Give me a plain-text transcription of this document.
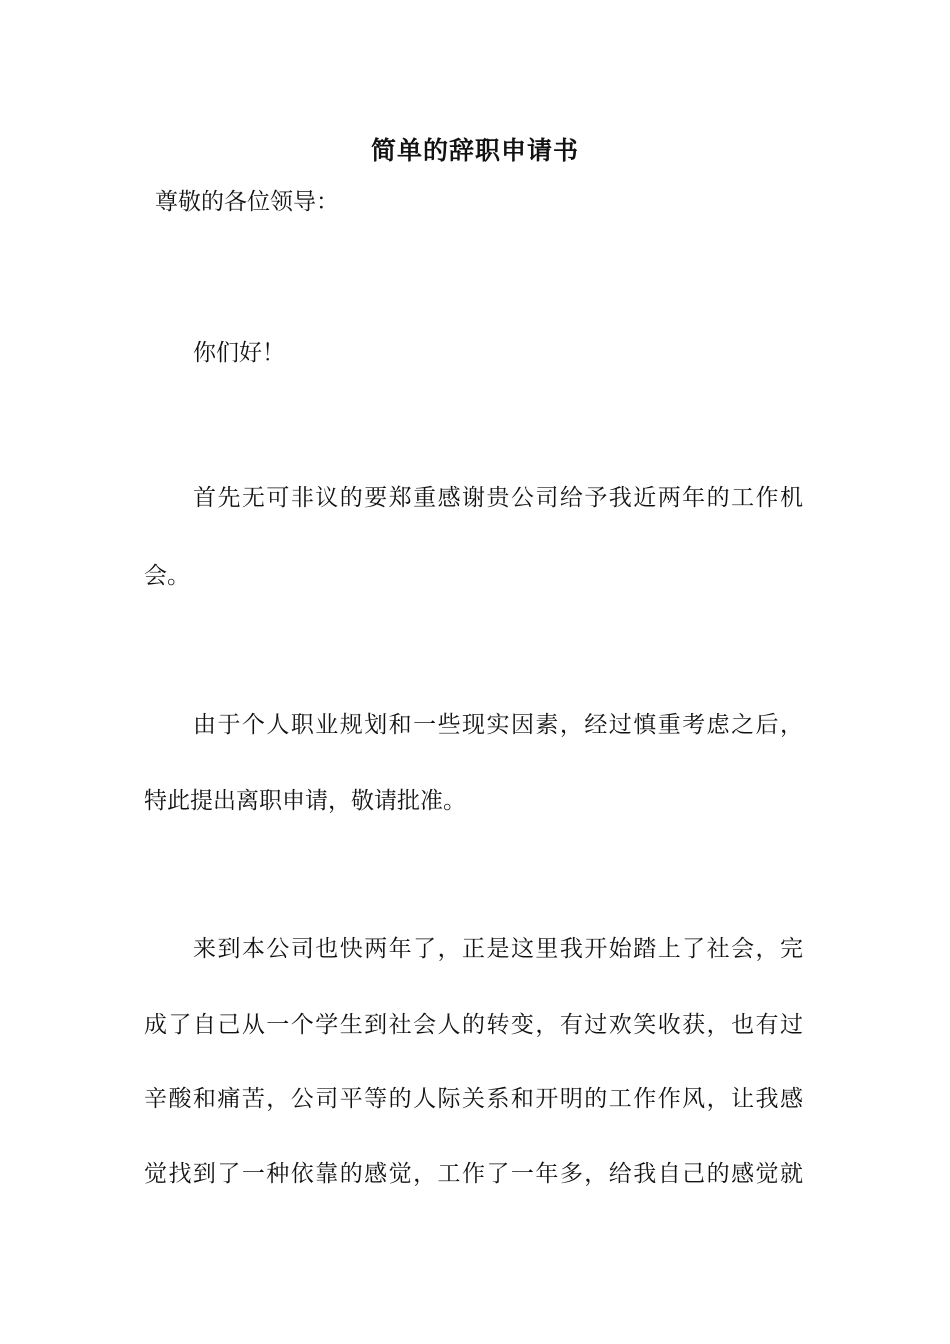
简单的辞职申请书
尊敬的各位领导：
你们好！
首先无可非议的要郑重感谢贵公司给予我近两年的工作机
会。
由于个人职业规划和一些现实因素，经过慎重考虑之后，
特此提出离职申请，敬请批准。
来到本公司也快两年了，正是这里我开始踏上了社会，完
成了自己从一个学生到社会人的转变，有过欢笑收获，也有过
辛酸和痛苦，公司平等的人际关系和开明的工作作风，让我感
觉找到了一种依靠的感觉，工作了一年多，给我自己的感觉就
